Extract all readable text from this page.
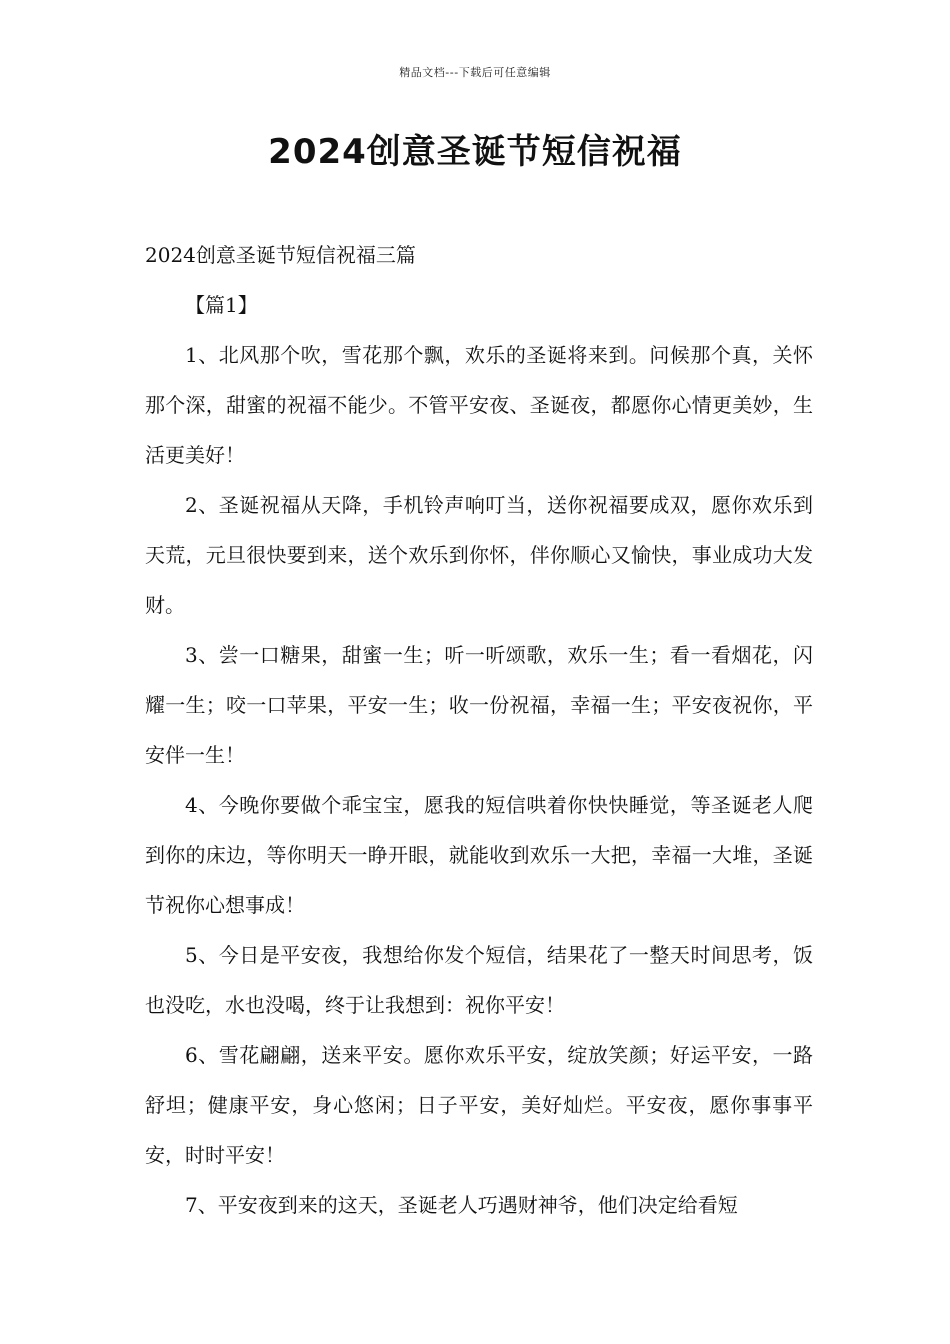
精品文档---下载后可任意编辑
2024创意圣诞节短信祝福

2024创意圣诞节短信祝福三篇

【篇1】

1、北风那个吹，雪花那个飘，欢乐的圣诞将来到。问候那个真，关怀那个深，甜蜜的祝福不能少。不管平安夜、圣诞夜，都愿你心情更美妙，生活更美好！

2、圣诞祝福从天降，手机铃声响叮当，送你祝福要成双，愿你欢乐到天荒，元旦很快要到来，送个欢乐到你怀，伴你顺心又愉快，事业成功大发财。

3、尝一口糖果，甜蜜一生；听一听颂歌，欢乐一生；看一看烟花，闪耀一生；咬一口苹果，平安一生；收一份祝福，幸福一生；平安夜祝你，平安伴一生！

4、今晚你要做个乖宝宝，愿我的短信哄着你快快睡觉，等圣诞老人爬到你的床边，等你明天一睁开眼，就能收到欢乐一大把，幸福一大堆，圣诞节祝你心想事成！

5、今日是平安夜，我想给你发个短信，结果花了一整天时间思考，饭也没吃，水也没喝，终于让我想到：祝你平安！

6、雪花翩翩，送来平安。愿你欢乐平安，绽放笑颜；好运平安，一路舒坦；健康平安，身心悠闲；日子平安，美好灿烂。平安夜，愿你事事平安，时时平安！

7、平安夜到来的这天，圣诞老人巧遇财神爷，他们决定给看短
